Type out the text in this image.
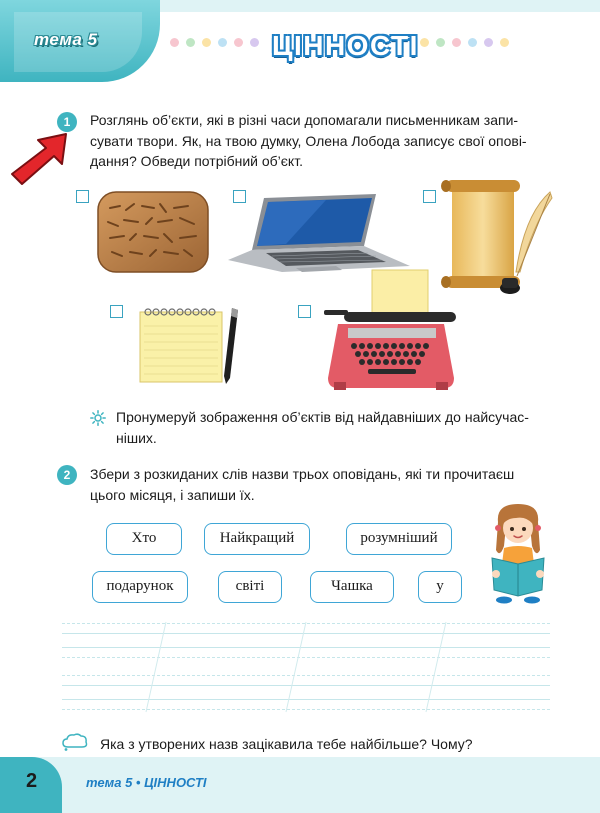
тема 5	ЦІННОСТІ
1	Розглянь об’єкти, які в різні часи допомагали письменникам запи-
сувати твори. Як, на твою думку, Олена Лобода записує свої опові-
дання? Обведи потрібний об’єкт.
Пронумеруй зображення об’єктів від найдавніших до найсучас-
ніших.
2	Збери з розкиданих слів назви трьох оповідань, які ти прочитаєш
цього місяця, і запиши їх.
Хто	Найкращий	розумніший
подарунок	світі	Чашка	у
Яка з утворених назв зацікавила тебе найбільше? Чому?
2	тема 5 • ЦІННОСТІ
